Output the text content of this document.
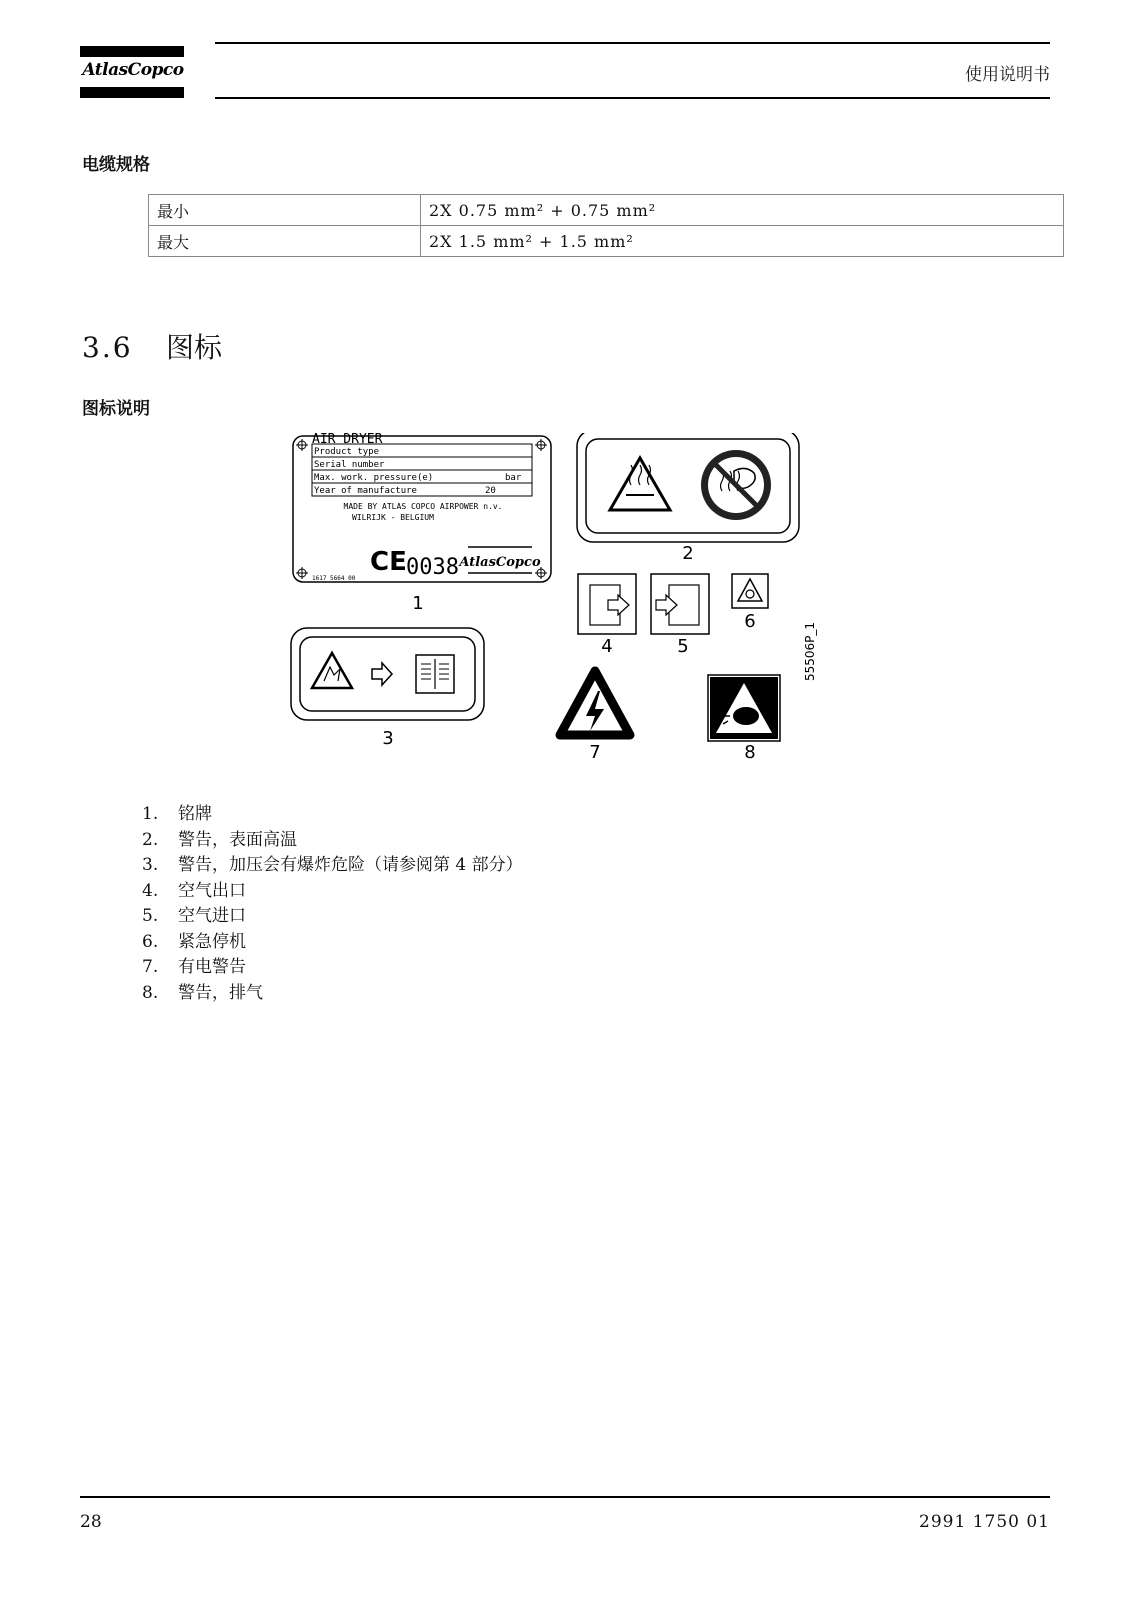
AtlasCopco	使用说明书
电缆规格
最小	2X 0.75 mm² + 0.75 mm²
最大	2X 1.5 mm² + 1.5 mm²
3.6 图标
图标说明
AIR DRYER
Product type
Serial number
Max. work. pressure(e)	bar
Year of manufacture	20
MADE BY ATLAS COPCO AIRPOWER n.v.
WILRIJK - BELGIUM
CE 0038 AtlasCopco
1617 5664 00
1
2
4	5
6
55506P_1
3
7	8
1. 铭牌
2. 警告，表面高温
3. 警告，加压会有爆炸危险（请参阅第 4 部分）
4. 空气出口
5. 空气进口
6. 紧急停机
7. 有电警告
8. 警告，排气
28	2991 1750 01
